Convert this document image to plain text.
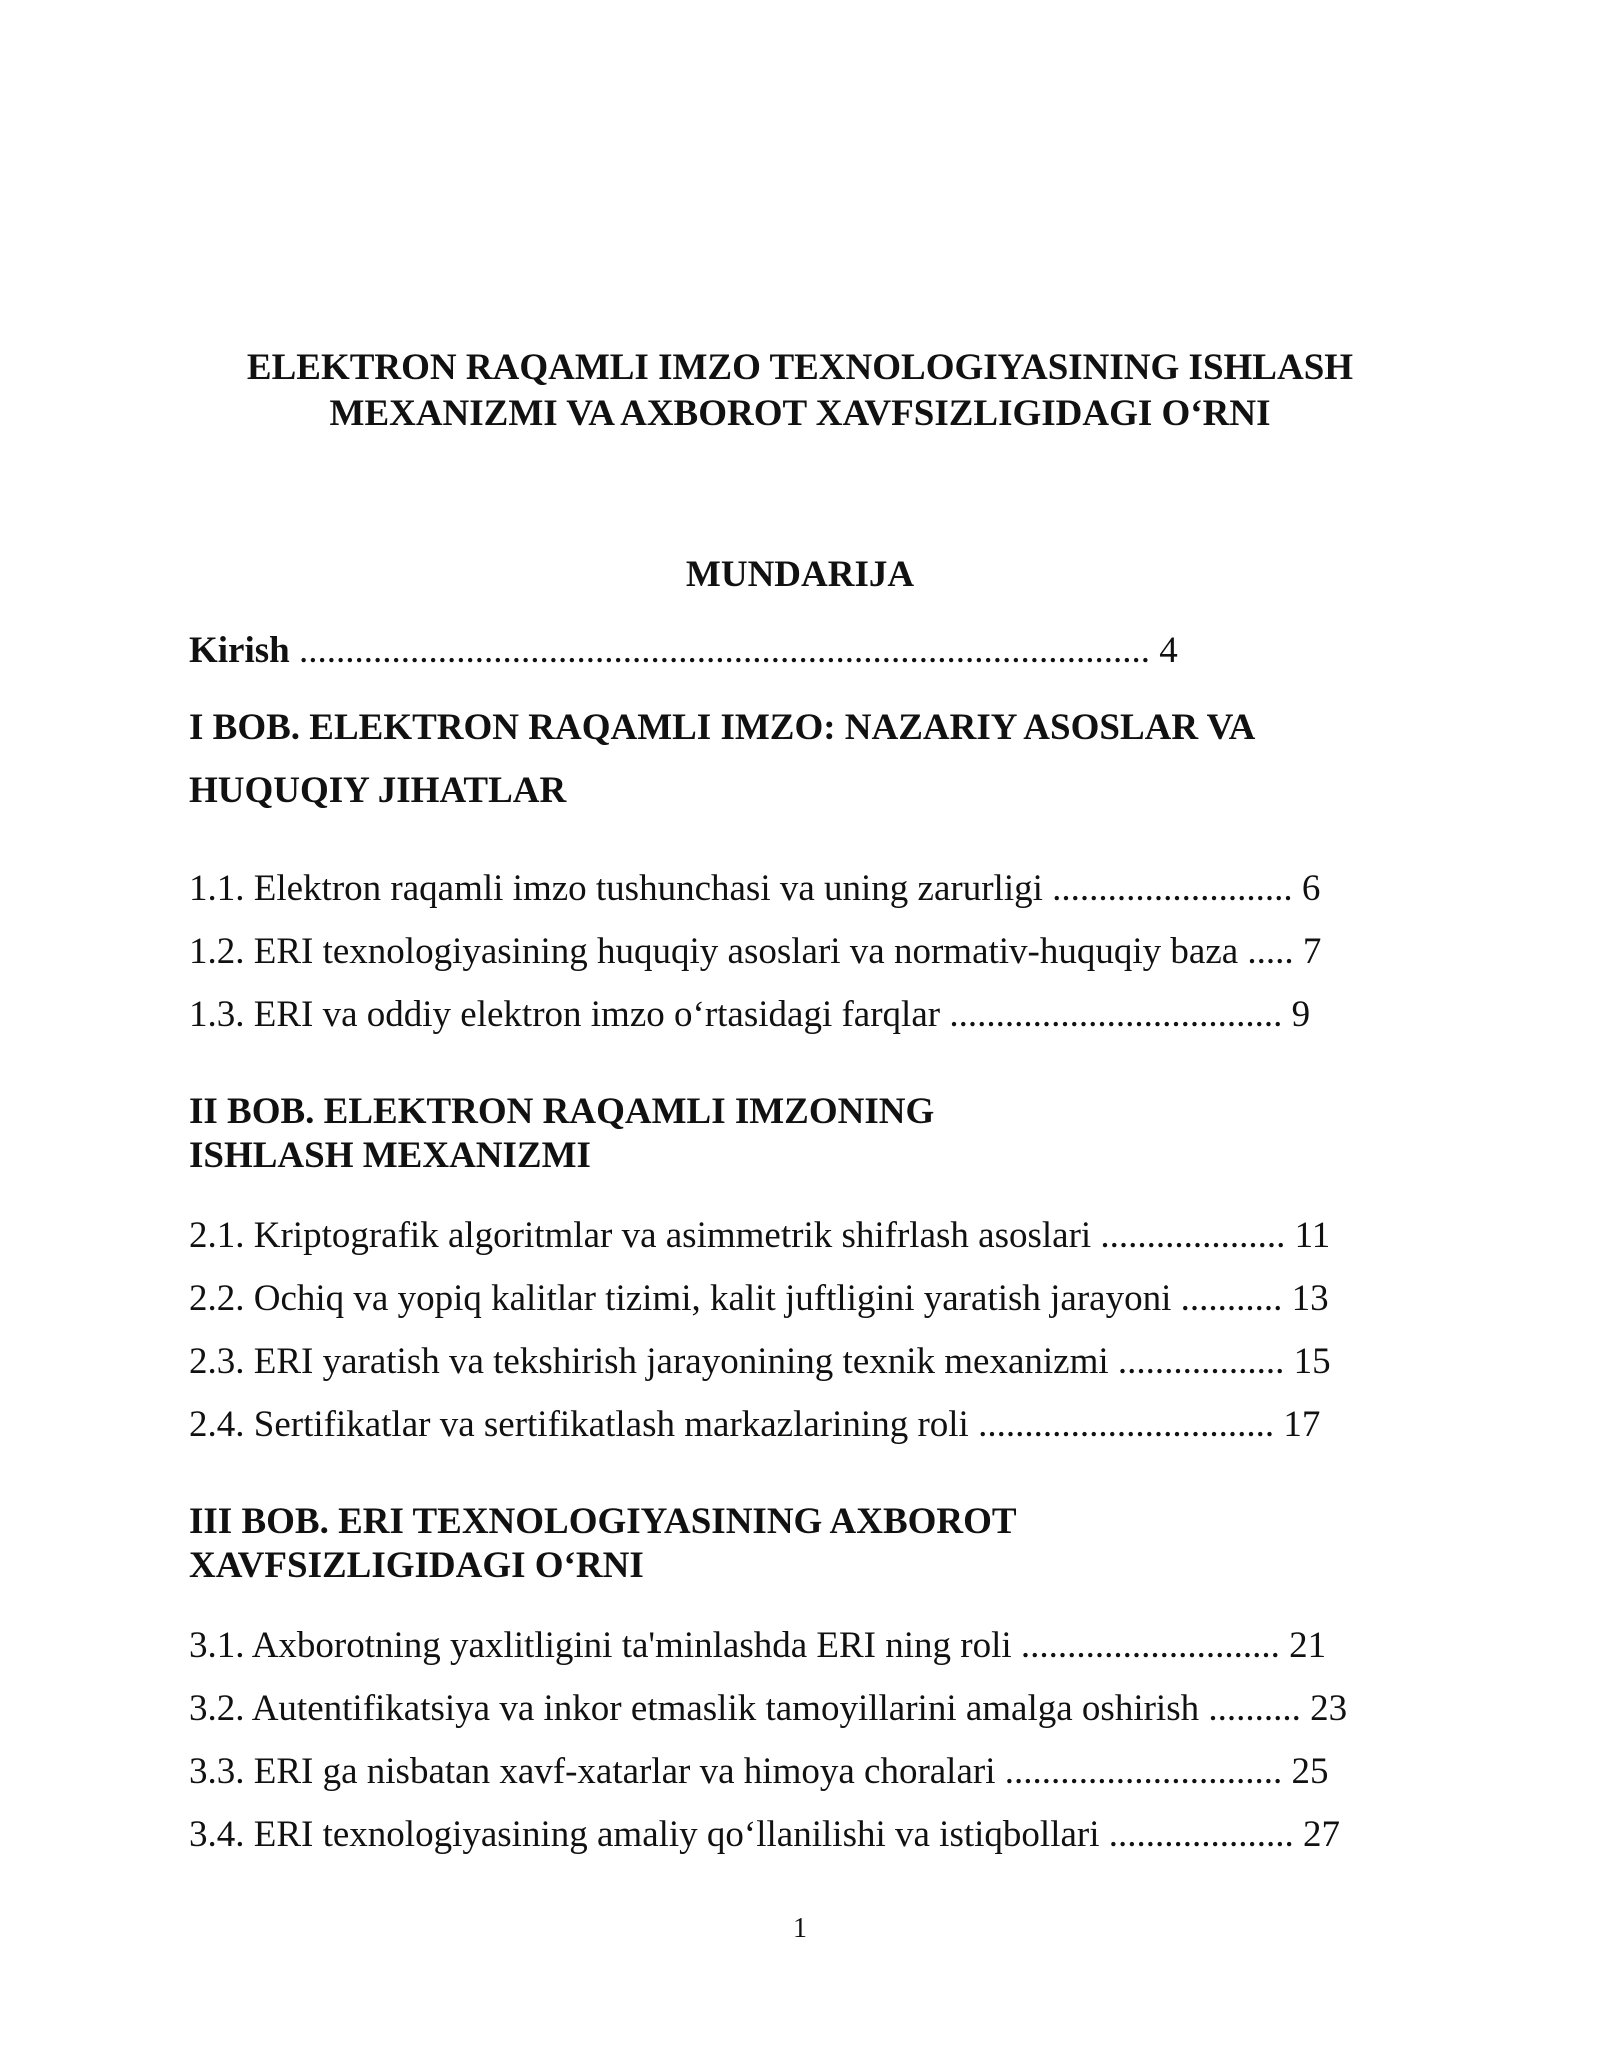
ELEKTRON RAQAMLI IMZO TEXNOLOGIYASINING ISHLASH
MEXANIZMI VA AXBOROT XAVFSIZLIGIDAGI O‘RNI
MUNDARIJA
Kirish ............................................................................................ 4
I BOB. ELEKTRON RAQAMLI IMZO: NAZARIY ASOSLAR VA
HUQUQIY JIHATLAR
1.1. Elektron raqamli imzo tushunchasi va uning zarurligi .......................... 6
1.2. ERI texnologiyasining huquqiy asoslari va normativ-huquqiy baza ..... 7
1.3. ERI va oddiy elektron imzo o‘rtasidagi farqlar .................................... 9
II BOB. ELEKTRON RAQAMLI IMZONING
ISHLASH MEXANIZMI
2.1. Kriptografik algoritmlar va asimmetrik shifrlash asoslari .................... 11
2.2. Ochiq va yopiq kalitlar tizimi, kalit juftligini yaratish jarayoni ........... 13
2.3. ERI yaratish va tekshirish jarayonining texnik mexanizmi .................. 15
2.4. Sertifikatlar va sertifikatlash markazlarining roli ................................ 17
III BOB. ERI TEXNOLOGIYASINING AXBOROT
XAVFSIZLIGIDAGI O‘RNI
3.1. Axborotning yaxlitligini ta'minlashda ERI ning roli ............................ 21
3.2. Autentifikatsiya va inkor etmaslik tamoyillarini amalga oshirish .......... 23
3.3. ERI ga nisbatan xavf-xatarlar va himoya choralari .............................. 25
3.4. ERI texnologiyasining amaliy qo‘llanilishi va istiqbollari .................... 27
1
